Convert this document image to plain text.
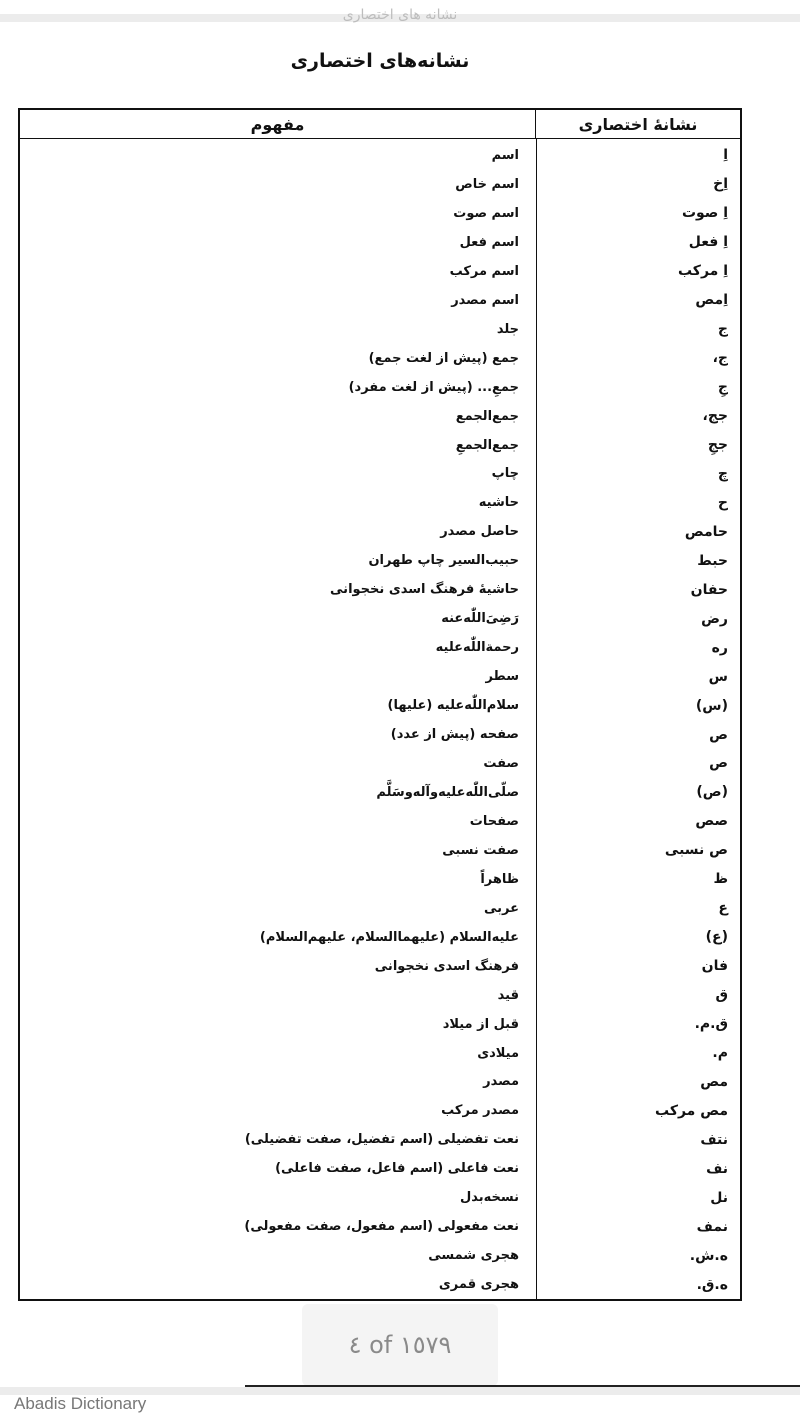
نشانه های اختصاری
نشانه‌های اختصاری
نشانهٔ اختصاری
مفهوم
اِ
اسم
اِخ
اسم خاص
اِ صوت
اسم صوت
اِ فعل
اسم فعل
اِ مرکب
اسم مرکب
اِمص
اسم مصدر
ج
جلد
ج،
جمع (پیش از لغت جمع)
جِ
جمعِ... (پیش از لغت مفرد)
جج،
جمع‌الجمع
ججِ
جمع‌الجمعِ
چ
چاپ
ح
حاشیه
حامص
حاصل مصدر
حبط
حبیب‌السیر چاپ طهران
حفان
حاشیهٔ فرهنگ اسدی نخجوانی
رض
رَضِیَ‌اللّٰه‌عنه
ره
رحمة‌اللّٰه‌علیه
س
سطر
(س)
سلام‌اللّٰه‌علیه (علیها)
ص
صفحه (پیش از عدد)
ص
صفت
(ص)
صلّی‌اللّٰه‌علیه‌وآله‌وسَلَّم
صص
صفحات
ص نسبی
صفت نسبی
ظ
ظاهراً
ع
عربی
(ع)
علیه‌السلام (علیهماالسلام، علیهم‌السلام)
فان
فرهنگ اسدی نخجوانی
ق
قید
ق.م.
قبل از میلاد
م.
میلادی
مص
مصدر
مص مرکب
مصدر مرکب
نتف
نعت تفضیلی (اسم تفضیل، صفت تفضیلی)
نف
نعت فاعلی (اسم فاعل، صفت فاعلی)
نل
نسخه‌بدل
نمف
نعت مفعولی (اسم مفعول، صفت مفعولی)
ه.ش.
هجری شمسی
ه.ق.
هجری قمری
٤ of ١٥٧٩
Abadis Dictionary
